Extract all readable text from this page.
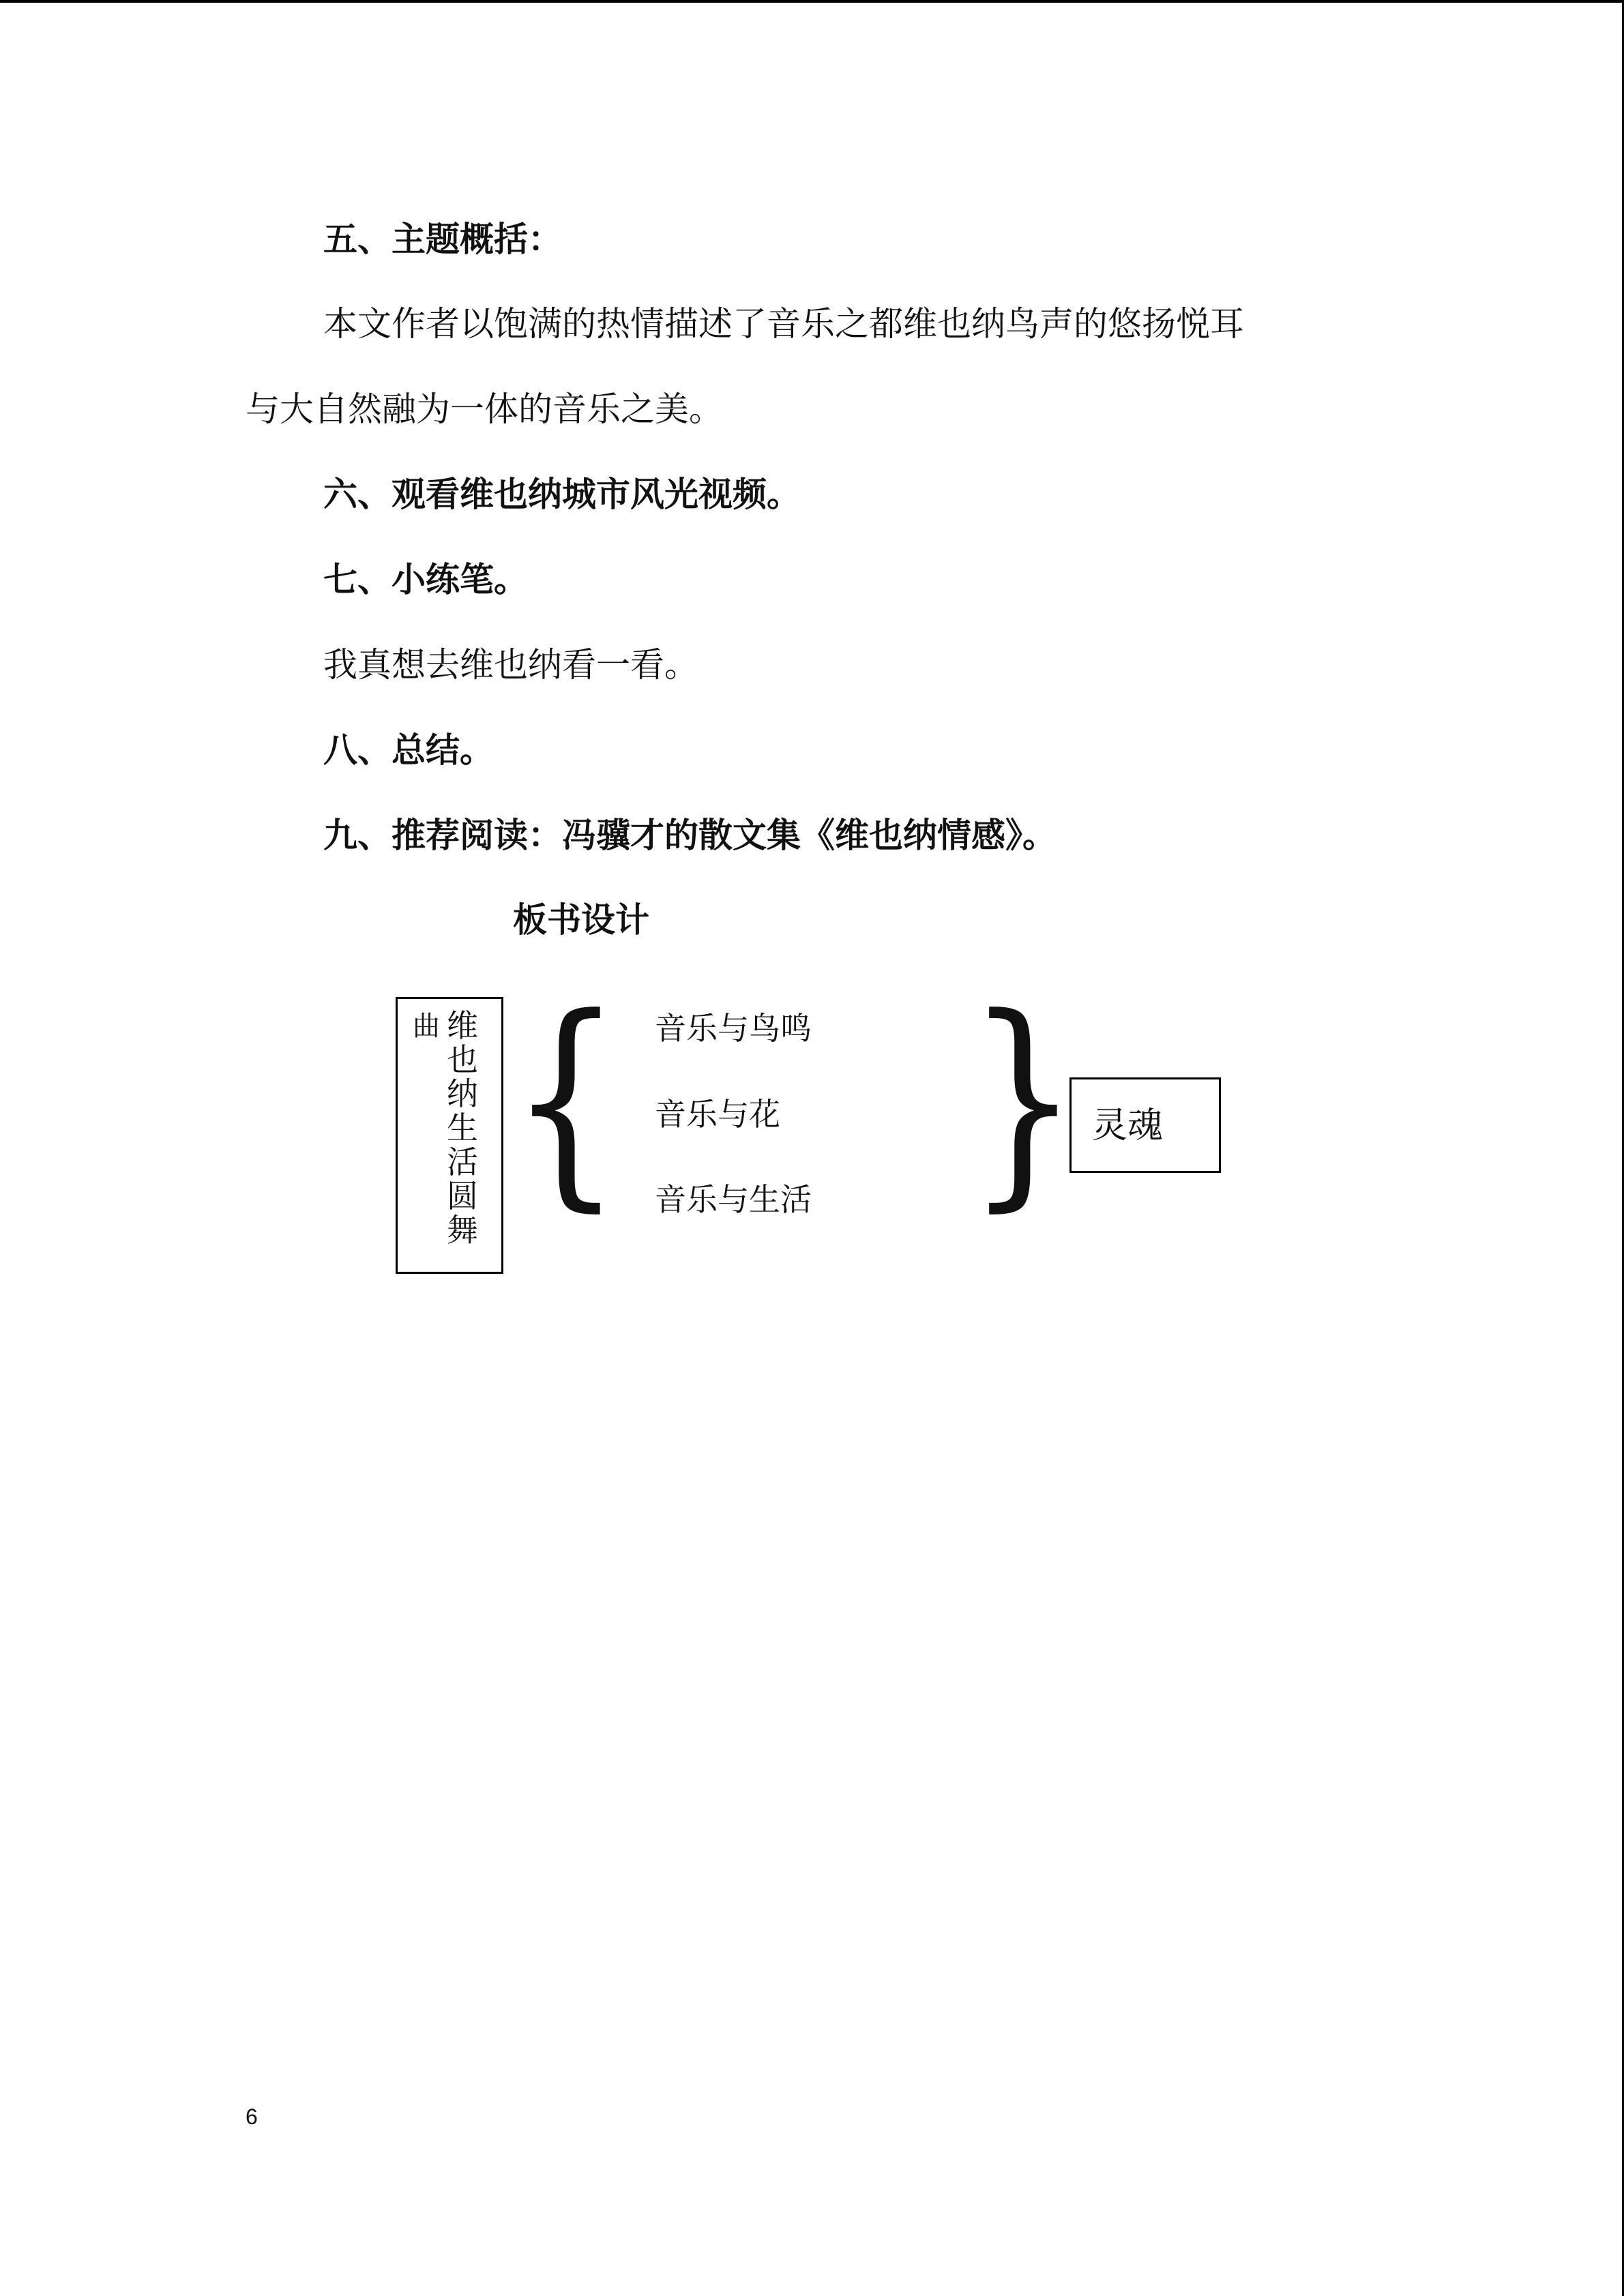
五、主题概括：
本文作者以饱满的热情描述了音乐之都维也纳鸟声的悠扬悦耳
与大自然融为一体的音乐之美。
六、观看维也纳城市风光视频。
七、小练笔。
我真想去维也纳看一看。
八、总结。
九、推荐阅读：冯骥才的散文集《维也纳情感》。
板书设计
曲 维也纳生活圆舞 { 音乐与鸟鸣
音乐与花
音乐与生活 } 灵魂
6
